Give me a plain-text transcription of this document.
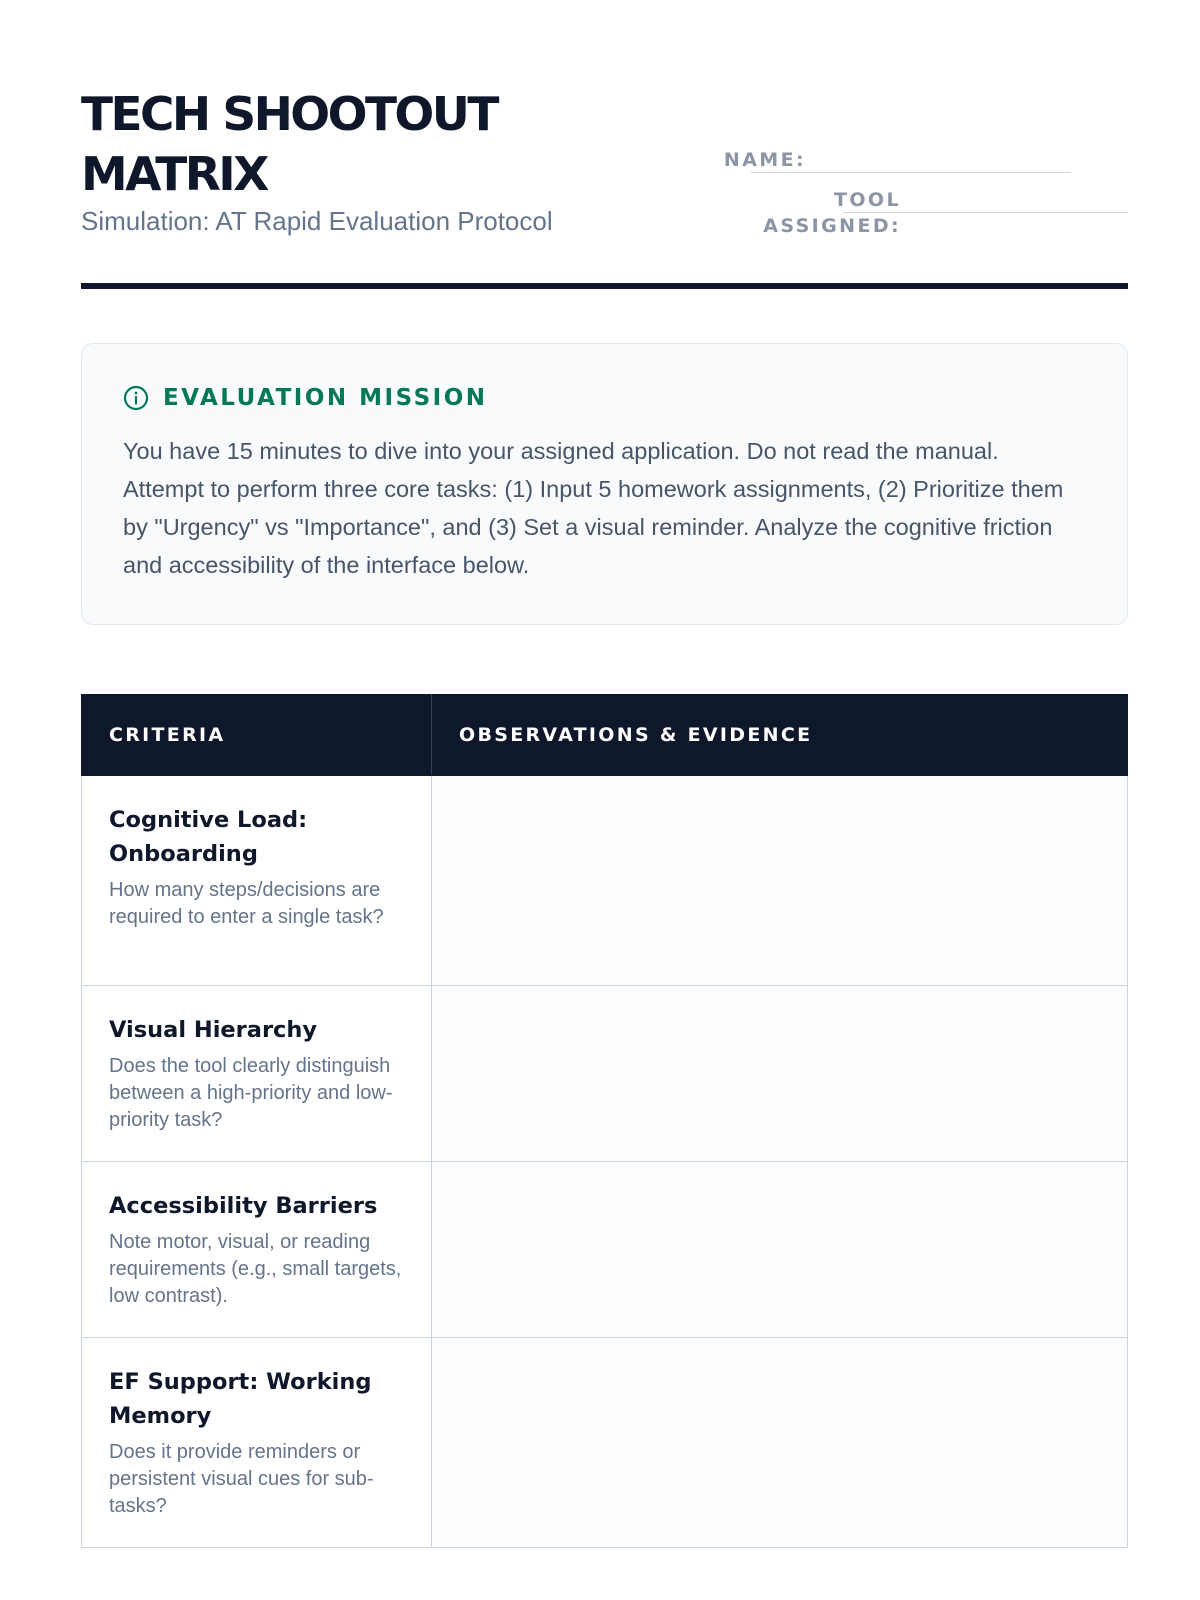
TECH SHOOTOUT MATRIX
Simulation: AT Rapid Evaluation Protocol
NAME:
TOOL
ASSIGNED:
EVALUATION MISSION
You have 15 minutes to dive into your assigned application. Do not read the manual. Attempt to perform three core tasks: (1) Input 5 homework assignments, (2) Prioritize them by "Urgency" vs "Importance", and (3) Set a visual reminder. Analyze the cognitive friction and accessibility of the interface below.
CRITERIA	OBSERVATIONS & EVIDENCE

Cognitive Load: Onboarding
How many steps/decisions are required to enter a single task?	

Visual Hierarchy
Does the tool clearly distinguish between a high-priority and low-priority task?	

Accessibility Barriers
Note motor, visual, or reading requirements (e.g., small targets, low contrast).	

EF Support: Working Memory
Does it provide reminders or persistent visual cues for sub-tasks?	
